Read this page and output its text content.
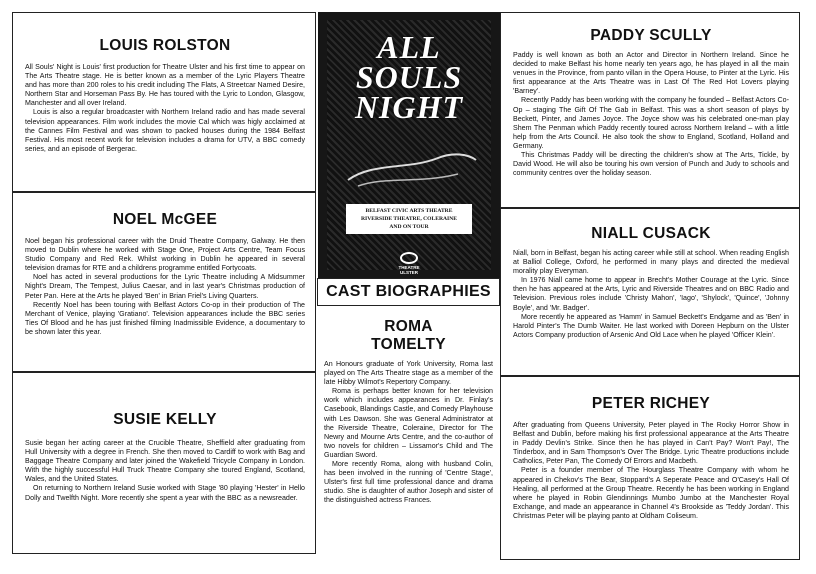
LOUIS ROLSTON

All Souls' Night is Louis' first production for Theatre Ulster and his first time to appear on The Arts Theatre stage. He is better known as a member of the Lyric Players Theatre and has more than 200 roles to his credit including The Flats, A Streetcar Named Desire, Northern Star and Horseman Pass By. He has toured with the Lyric to London, Glasgow, Manchester and all over Ireland.

Louis is also a regular broadcaster with Northern Ireland radio and has made several television appearances. Film work includes the movie Cal which was higly acclaimed at the Cannes Film Festival and was shown to packed houses during the 1984 Belfast Festival. His most recent work for television includes a drama for UTV, a BBC comedy series, and an episode of Bergerac.

NOEL McGEE

Noel began his professional career with the Druid Theatre Company, Galway. He then moved to Dublin where he worked with Stage One, Project Arts Centre, Team Focus Studio Company and Red Rek. Whilst working in Dublin he appeared in several television dramas for RTE and a childrens programme entitled Fortycoats.

Noel has acted in several productions for the Lyric Theatre including A Midsummer Night's Dream, The Tempest, Julius Caesar, and in last year's Christmas production of Peter Pan. Here at the Arts he played 'Ben' in Brian Friel's Living Quarters.

Recently Noel has been touring with Belfast Actors Co-op in their production of The Merchant of Venice, playing 'Gratiano'. Television appearances include the BBC series Ties Of Blood and he has just finished filming Inadmissible Evidence, a documentary to be shown later this year.

SUSIE KELLY

Susie began her acting career at the Crucible Theatre, Sheffield after graduating from Hull University with a degree in French. She then moved to Cardiff to work with Bag and Baggage Theatre Company and later joined the Wakefield Tricycle Company in London. With the highly successful Hull Truck Theatre Company she toured England, Scotland, Wales, and the United States.

On returning to Northern Ireland Susie worked with Stage '80 playing 'Hester' in Hello Dolly and Twelfth Night. More recently she spent a year with the BBC as a newsreader.

ALL
SOULS
NIGHT
BELFAST CIVIC ARTS THEATRE
RIVERSIDE THEATRE, COLERAINE
AND ON TOUR
THEATRE ULSTER
CAST BIOGRAPHIES
ROMA
TOMELTY

An Honours graduate of York University, Roma last played on The Arts Theatre stage as a member of the late Hibby Wilmot's Repertory Company.

Roma is perhaps better known for her television work which includes appearances in Dr. Finlay's Casebook, Blandings Castle, and Comedy Playhouse with Les Dawson. She was General Administrator at the Riverside Theatre, Coleraine, Director for The Newry and Mourne Arts Centre, and the co-author of two novels for children – Lissamor's Child and The Guardian Sword.

More recently Roma, along with husband Colin, has been involved in the running of 'Centre Stage', Ulster's first full time professional dance and drama studio. She is daughter of author Joseph and sister of the distinguished actress Frances.

PADDY SCULLY

Paddy is well known as both an Actor and Director in Northern Ireland. Since he decided to make Belfast his home nearly ten years ago, he has played in all the main venues in the Province, from panto villan in the Opera House, to Pinter at the Lyric. His first appearance at the Arts Theatre was in Last Of The Red Hot Lovers playing 'Barney'.

Recently Paddy has been working with the company he founded – Belfast Actors Co-Op – staging The Gift Of The Gab in Belfast. This was a short season of plays by Beckett, Pinter, and James Joyce. The Joyce show was his celebrated one-man play Shem The Penman which Paddy recently toured across Northern Ireland – with a little help from the Arts Council. He also took the show to England, Scotland, Holland and Germany.

This Christmas Paddy will be directing the children's show at The Arts, Tickle, by David Wood. He will also be touring his own version of Punch and Judy to schools and community centres over the holiday season.

NIALL CUSACK

Niall, born in Belfast, began his acting career while still at school. When reading English at Balliol College, Oxford, he performed in many plays and directed the medieval morality play Everyman.

In 1976 Niall came home to appear in Brecht's Mother Courage at the Lyric. Since then he has appeared at the Arts, Lyric and Riverside Theatres and on BBC Radio and Television. Previous roles include 'Christy Mahon', 'Iago', 'Shylock', 'Quince', 'Johnny Boyle', and 'Mr. Badger'.

More recently he appeared as 'Hamm' in Samuel Beckett's Endgame and as 'Ben' in Harold Pinter's The Dumb Waiter. He last worked with Doreen Hepburn on the Ulster Actors Company production of Arsenic And Old Lace when he played 'Officer Klein'.

PETER RICHEY

After graduating from Queens University, Peter played in The Rocky Horror Show in Belfast and Dublin, before making his first professional appearance at the Arts Theatre in Paddy Devlin's Strike. Since then he has played in Can't Pay? Won't Pay!, The Tinderbox, and in Sam Thompson's Over The Bridge. Lyric Theatre productions include Catholics, Peter Pan, The Comedy Of Errors and Macbeth.

Peter is a founder member of The Hourglass Theatre Company with whom he appeared in Chekov's The Bear, Stoppard's A Seperate Peace and O'Casey's Hall Of Healing, all performed at the Group Theatre. Recently he has been working in England where he played in Robin Glendinnings Mumbo Jumbo at the Manchester Royal Exchange, and made an appearance in Channel 4's Brookside as 'Teddy Jordan'. This Christmas Peter will be playing panto at Oldham Coliseum.
